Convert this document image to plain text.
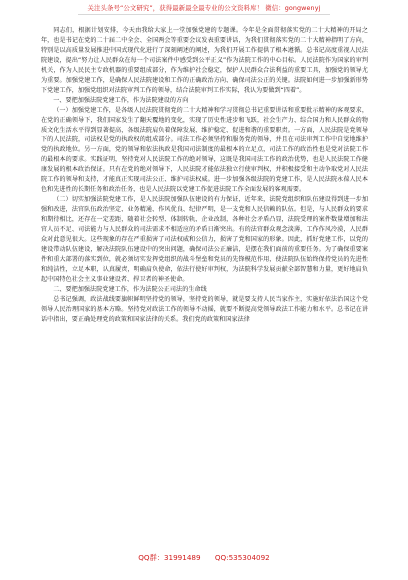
关注头条号“公文研究”，获得最新最全最专业的公文资料库！ 微信：gongwenyj

同志们，根据计划安排，今天由我给大家上一堂加强党建的专题课。今年是全面贯彻落实党的二十大精神的开局之年，也是书记在党的二十届二中全会、全国两会等重要会议发表重要讲话，为我们贯彻落实党的二十大精神指明了方向，特别是以高质量发展推进中国式现代化进行了深刻阐述的阐述，为我们开展工作提供了根本遵循。总书记高度重视人民法院建设，提出“努力让人民群众在每一个司法案件中感受到公平正义”作为法院工作的中心目标。人民法院作为国家的审判机关，作为人民民主专政机器的重要组成部分，作为维护社会稳定，保护人民群众合法利益的重要工具，加强党的领导尤为重要。加强党建工作，是确保人民法院建设和工作的正确政治方向、确保司法公正的关键。法院如何进一步加强新形势下党建工作，加强党组织对法院审判工作的领导，结合法院审判工作实际，我认为要做到“四着”。

一、要把加强法院党建工作，作为法院建设的方向

（一）加强党建工作，是各级人民法院贯彻党的二十大精神和学习贯彻总书记重要讲话和重要批示精神的客观要求，在党的正确领导下，我们国家发生了翻天覆地的变化，实现了历史性进步和飞跃，社会生产力、综合国力和人民群众的物质文化生活水平得到显著提高，各级法院肩负着保障发展、维护稳定、促进和谐的重要职责。一方面，人民法院是党领导下的人民法院，司法权是党的执政权的组成部分。司法工作必须坚持和服务党的领导，并且在司法审判工作中自觉地维护党的执政地位。另一方面，党的领导和依法执政是我国司法制度的最根本的立足点，司法工作的政治性也是党对法院工作的最根本的要求。实践证明，坚持党对人民法院工作的绝对领导，这既是我国司法工作的政治优势，也是人民法院工作健康发展的根本政治保证。只有在党的绝对领导下，人民法院才能依法独立行使审判权，并积极接受和主动争取党对人民法院工作的领导和支持，才能真正实现司法公正、维护司法权威。进一步加强各级法院的党建工作，是人民法院永葆人民本色和先进性的长期任务和政治任务，也是人民法院以党建工作促进法院工作全面发展的客观需要。

（二）切实加强法院党建工作，是人民法院加强队伍建设的有力保证，近年来，法院党组织和队伍建设得到进一步加强和改进，法官队伍政治坚定、业务精通、作风优良、纪律严明，是一支党和人民信赖的队伍。但是，与人民群众的要求和期待相比，还存在一定差距，随着社会转型、体制转轨、企业改制，各种社会矛盾凸显，法院受理的案件数量增加和法官人员不足、司法能力与人民群众的司法需求不相适应的矛盾日渐突出。有的法官群众观念淡薄，工作作风冷漠，人民群众对此意见很大。这些现象的存在严重损害了司法权威和公信力，损害了党和国家的形象。因此，抓好党建工作，以党的建设带动队伍建设，解决法院队伍建设中的突出问题，确保司法公正廉洁，是摆在我们面前的重要任务。为了确保重要案件和重大部署的落实到位，就必须切实发挥党组织的战斗堡垒和党员的先锋模范作用，使法院队伍始终保持党员的先进性和纯洁性，立足本职，认真履责，明确肩负使命，依法行使好审判权，为法院科学发展贡献全部智慧和力量，更好地肩负起中国特色社会主义事业建设者、捍卫者的神圣使命。

二、要把加强法院党建工作，作为法院公正司法的生命线

总书记强调，政法战线要旗帜鲜明坚持党的领导，坚持党的领导，就是要支持人民当家作主，实施好依法治国这个党领导人民治理国家的基本方略。坚持党对政法工作的领导不动摇，就要不断提高党领导政法工作能力和水平。总书记在讲话中指出，要正确处理党的政策和国家法律的关系。我们党的政策和国家法律

QQ群：31991489 QQ:535304092
